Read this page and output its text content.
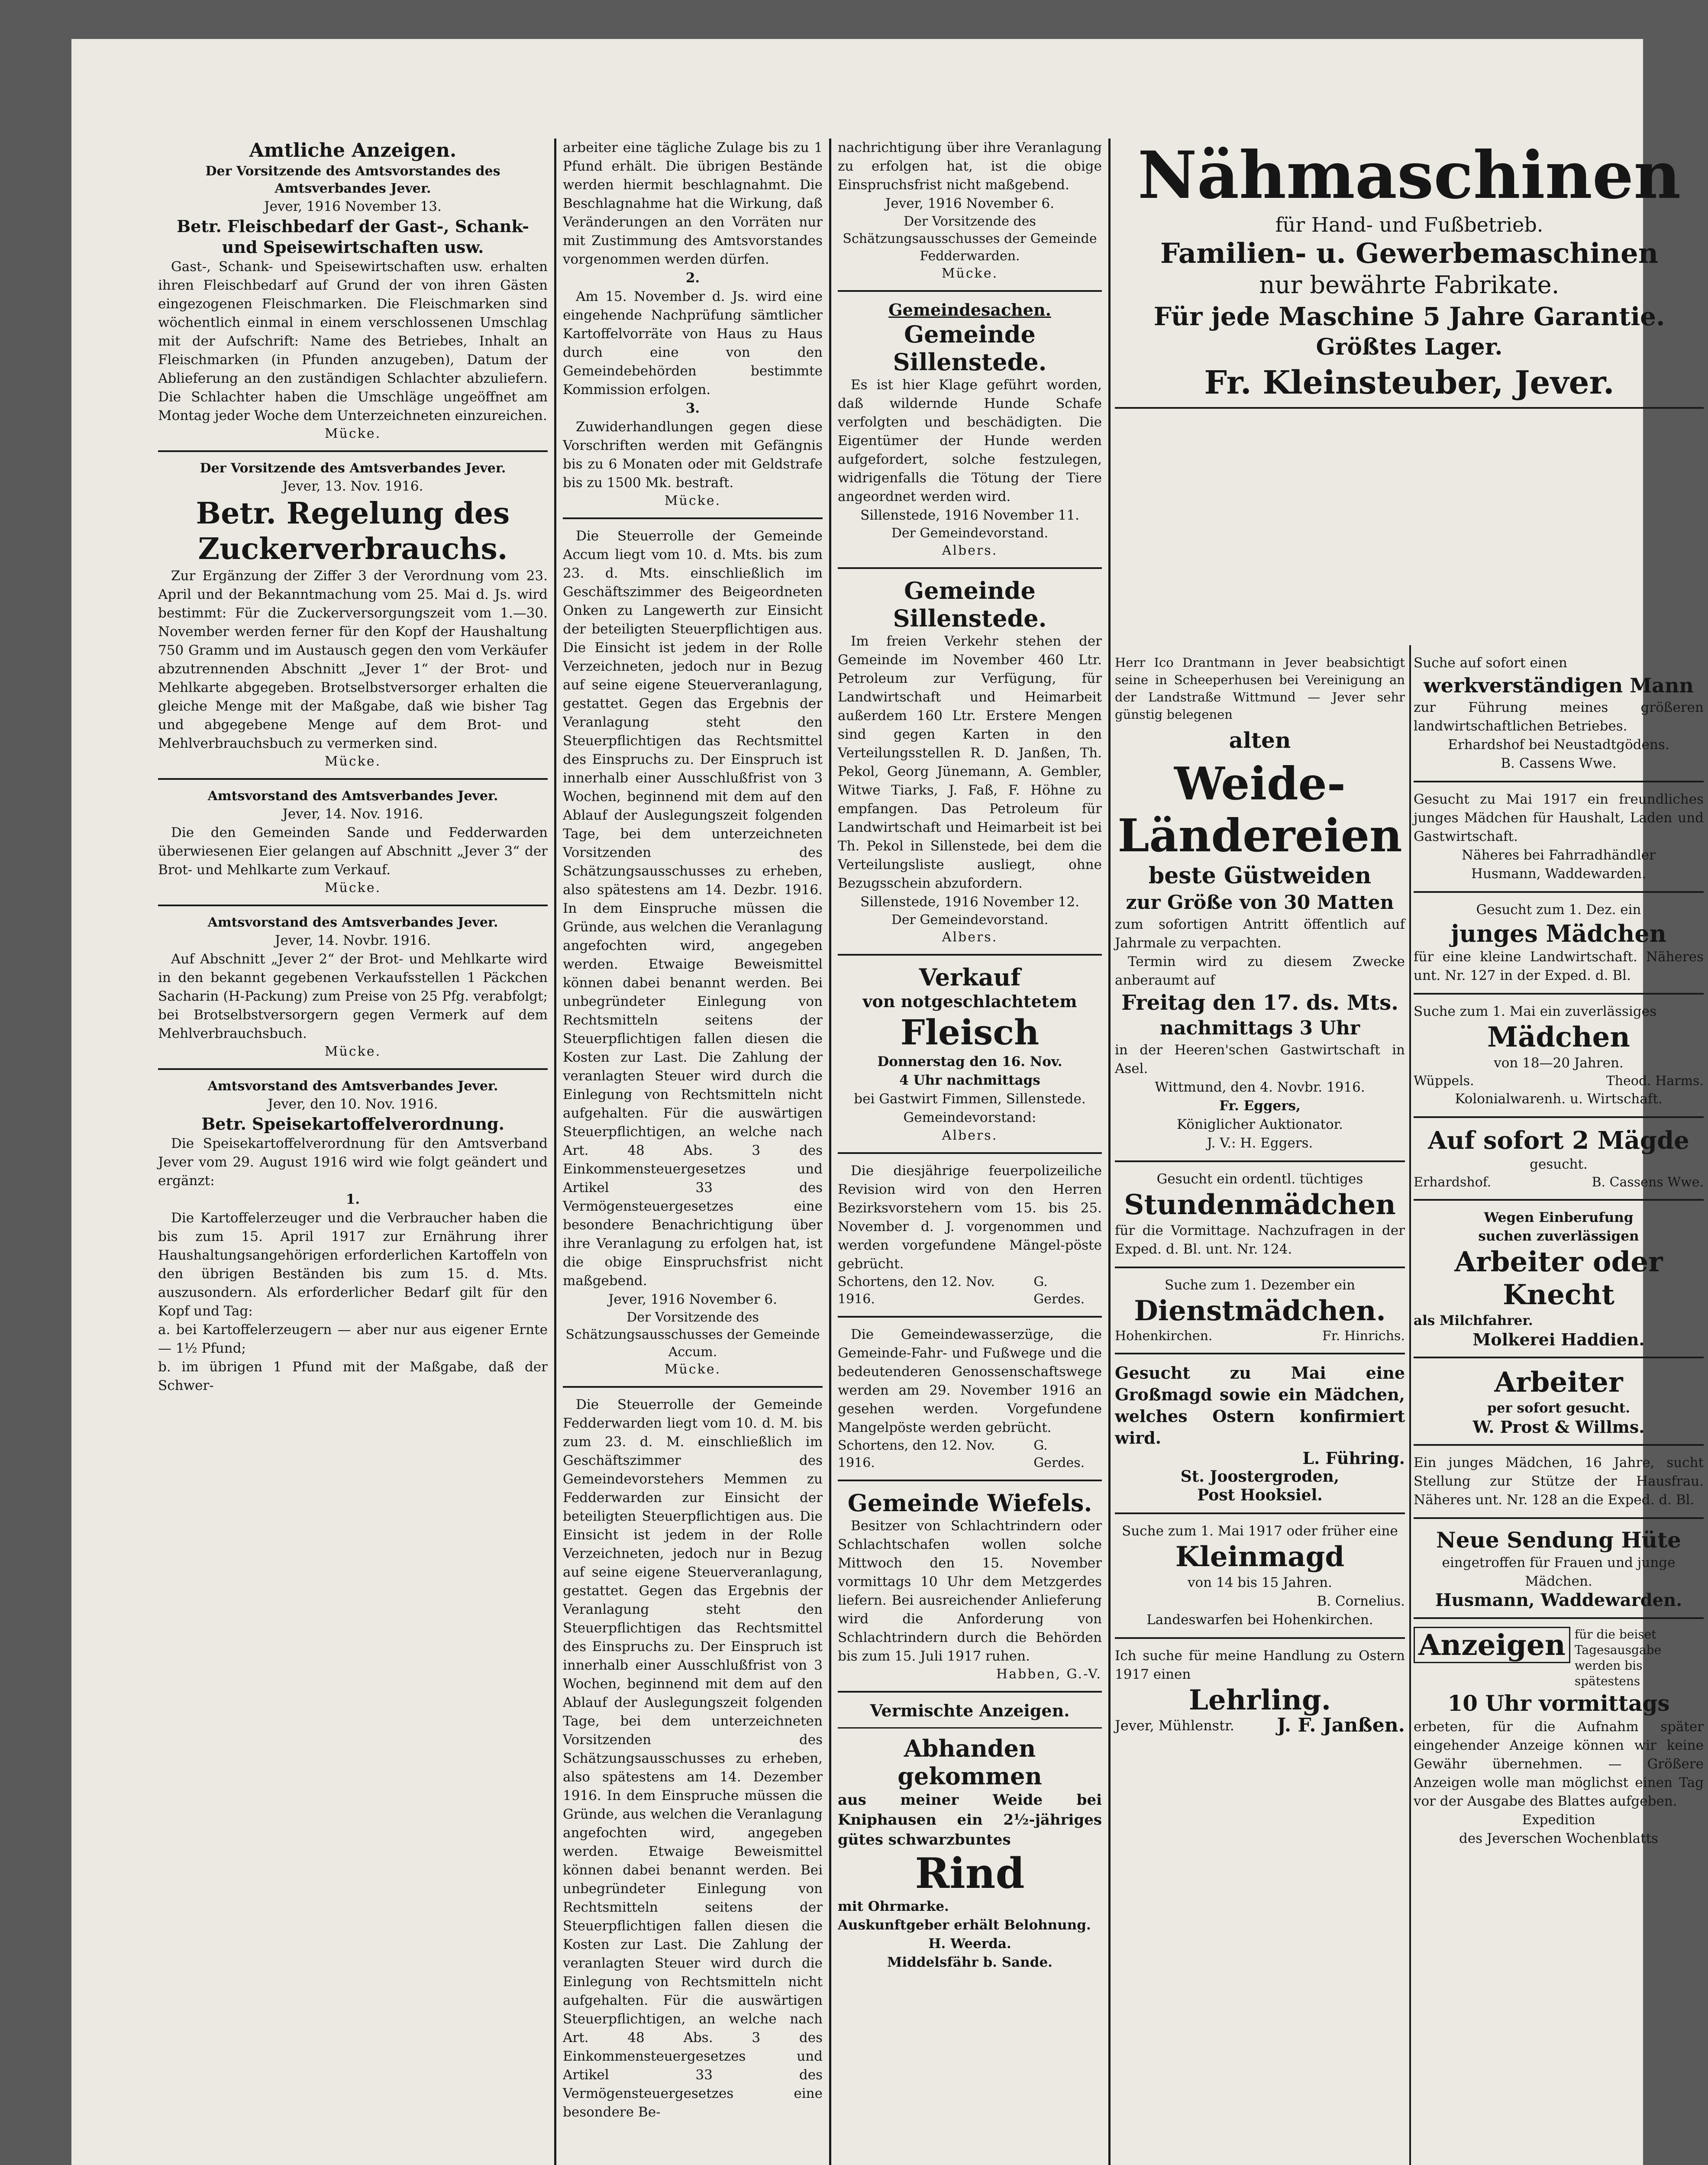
Amtliche Anzeigen.
Der Vorsitzende des Amtsvorstandes des Amtsverbandes Jever.
Jever, 1916 November 13.
Betr. Fleischbedarf der Gast-, Schank- und Speisewirtschaften usw.

Gast-, Schank- und Speisewirtschaften usw. erhalten ihren Fleischbedarf auf Grund der von ihren Gästen eingezogenen Fleischmarken. Die Fleischmarken sind wöchentlich einmal in einem verschlossenen Umschlag mit der Aufschrift: Name des Betriebes, Inhalt an Fleischmarken (in Pfunden anzugeben), Datum der Ablieferung an den zuständigen Schlachter abzuliefern. Die Schlachter haben die Umschläge ungeöffnet am Montag jeder Woche dem Unterzeichneten einzureichen.

Mücke.
Der Vorsitzende des Amtsverbandes Jever.
Jever, 13. Nov. 1916.
Betr. Regelung des Zuckerverbrauchs.

Zur Ergänzung der Ziffer 3 der Verordnung vom 23. April und der Bekanntmachung vom 25. Mai d. Js. wird bestimmt: Für die Zuckerversorgungszeit vom 1.—30. November werden ferner für den Kopf der Haushaltung 750 Gramm und im Austausch gegen den vom Verkäufer abzutrennenden Abschnitt „Jever 1“ der Brot- und Mehlkarte abgegeben. Brotselbstversorger erhalten die gleiche Menge mit der Maßgabe, daß wie bisher Tag und abgegebene Menge auf dem Brot- und Mehlverbrauchsbuch zu vermerken sind.

Mücke.
Amtsvorstand des Amtsverbandes Jever.
Jever, 14. Nov. 1916.

Die den Gemeinden Sande und Fedderwarden überwiesenen Eier gelangen auf Abschnitt „Jever 3“ der Brot- und Mehlkarte zum Verkauf.

Mücke.
Amtsvorstand des Amtsverbandes Jever.
Jever, 14. Novbr. 1916.

Auf Abschnitt „Jever 2“ der Brot- und Mehlkarte wird in den bekannt gegebenen Verkaufsstellen 1 Päckchen Sacharin (H-Packung) zum Preise von 25 Pfg. verabfolgt; bei Brotselbstversorgern gegen Vermerk auf dem Mehlverbrauchsbuch.

Mücke.
Amtsvorstand des Amtsverbandes Jever.
Jever, den 10. Nov. 1916.
Betr. Speisekartoffelverordnung.

Die Speisekartoffelverordnung für den Amtsverband Jever vom 29. August 1916 wird wie folgt geändert und ergänzt:

1.

Die Kartoffelerzeuger und die Verbraucher haben die bis zum 15. April 1917 zur Ernährung ihrer Haushaltungsangehörigen erforderlichen Kartoffeln von den übrigen Beständen bis zum 15. d. Mts. auszusondern. Als erforderlicher Bedarf gilt für den Kopf und Tag:

a. bei Kartoffelerzeugern — aber nur aus eigener Ernte — 1½ Pfund;
b. im übrigen 1 Pfund mit der Maßgabe, daß der Schwer-

arbeiter eine tägliche Zulage bis zu 1 Pfund erhält. Die übrigen Bestände werden hiermit beschlagnahmt. Die Beschlagnahme hat die Wirkung, daß Veränderungen an den Vorräten nur mit Zustimmung des Amtsvorstandes vorgenommen werden dürfen.

2.

Am 15. November d. Js. wird eine eingehende Nachprüfung sämtlicher Kartoffelvorräte von Haus zu Haus durch eine von den Gemeindebehörden bestimmte Kommission erfolgen.

3.

Zuwiderhandlungen gegen diese Vorschriften werden mit Gefängnis bis zu 6 Monaten oder mit Geldstrafe bis zu 1500 Mk. bestraft.

Mücke.

Die Steuerrolle der Gemeinde Accum liegt vom 10. d. Mts. bis zum 23. d. Mts. einschließlich im Geschäftszimmer des Beigeordneten Onken zu Langewerth zur Einsicht der beteiligten Steuerpflichtigen aus. Die Einsicht ist jedem in der Rolle Verzeichneten, jedoch nur in Bezug auf seine eigene Steuerveranlagung, gestattet. Gegen das Ergebnis der Veranlagung steht den Steuerpflichtigen das Rechtsmittel des Einspruchs zu. Der Einspruch ist innerhalb einer Ausschlußfrist von 3 Wochen, beginnend mit dem auf den Ablauf der Auslegungszeit folgenden Tage, bei dem unterzeichneten Vorsitzenden des Schätzungsausschusses zu erheben, also spätestens am 14. Dezbr. 1916. In dem Einspruche müssen die Gründe, aus welchen die Veranlagung angefochten wird, angegeben werden. Etwaige Beweismittel können dabei benannt werden. Bei unbegründeter Einlegung von Rechtsmitteln seitens der Steuerpflichtigen fallen diesen die Kosten zur Last. Die Zahlung der veranlagten Steuer wird durch die Einlegung von Rechtsmitteln nicht aufgehalten. Für die auswärtigen Steuerpflichtigen, an welche nach Art. 48 Abs. 3 des Einkommensteuergesetzes und Artikel 33 des Vermögensteuergesetzes eine besondere Benachrichtigung über ihre Veranlagung zu erfolgen hat, ist die obige Einspruchsfrist nicht maßgebend.

Jever, 1916 November 6.
Der Vorsitzende des Schätzungsausschusses der Gemeinde Accum.
Mücke.

Die Steuerrolle der Gemeinde Fedderwarden liegt vom 10. d. M. bis zum 23. d. M. einschließlich im Geschäftszimmer des Gemeindevorstehers Memmen zu Fedderwarden zur Einsicht der beteiligten Steuerpflichtigen aus. Die Einsicht ist jedem in der Rolle Verzeichneten, jedoch nur in Bezug auf seine eigene Steuerveranlagung, gestattet. Gegen das Ergebnis der Veranlagung steht den Steuerpflichtigen das Rechtsmittel des Einspruchs zu. Der Einspruch ist innerhalb einer Ausschlußfrist von 3 Wochen, beginnend mit dem auf den Ablauf der Auslegungszeit folgenden Tage, bei dem unterzeichneten Vorsitzenden des Schätzungsausschusses zu erheben, also spätestens am 14. Dezember 1916. In dem Einspruche müssen die Gründe, aus welchen die Veranlagung angefochten wird, angegeben werden. Etwaige Beweismittel können dabei benannt werden. Bei unbegründeter Einlegung von Rechtsmitteln seitens der Steuerpflichtigen fallen diesen die Kosten zur Last. Die Zahlung der veranlagten Steuer wird durch die Einlegung von Rechtsmitteln nicht aufgehalten. Für die auswärtigen Steuerpflichtigen, an welche nach Art. 48 Abs. 3 des Einkommensteuergesetzes und Artikel 33 des Vermögensteuergesetzes eine besondere Be-

nachrichtigung über ihre Veranlagung zu erfolgen hat, ist die obige Einspruchsfrist nicht maßgebend.

Jever, 1916 November 6.
Der Vorsitzende des Schätzungsausschusses der Gemeinde Fedderwarden.
Mücke.
Gemeindesachen.
Gemeinde Sillenstede.

Es ist hier Klage geführt worden, daß wildernde Hunde Schafe verfolgten und beschädigten. Die Eigentümer der Hunde werden aufgefordert, solche festzulegen, widrigenfalls die Tötung der Tiere angeordnet werden wird.

Sillenstede, 1916 November 11.
Der Gemeindevorstand.
Albers.
Gemeinde Sillenstede.

Im freien Verkehr stehen der Gemeinde im November 460 Ltr. Petroleum zur Verfügung, für Landwirtschaft und Heimarbeit außerdem 160 Ltr. Erstere Mengen sind gegen Karten in den Verteilungsstellen R. D. Janßen, Th. Pekol, Georg Jünemann, A. Gembler, Witwe Tiarks, J. Faß, F. Höhne zu empfangen. Das Petroleum für Landwirtschaft und Heimarbeit ist bei Th. Pekol in Sillenstede, bei dem die Verteilungsliste ausliegt, ohne Bezugsschein abzufordern.

Sillenstede, 1916 November 12.
Der Gemeindevorstand.
Albers.
Verkauf
von notgeschlachtetem
Fleisch
Donnerstag den 16. Nov.
4 Uhr nachmittags
bei Gastwirt Fimmen, Sillenstede.
Gemeindevorstand:
Albers.

Die diesjährige feuerpolizeiliche Revision wird von den Herren Bezirksvorstehern vom 15. bis 25. November d. J. vorgenommen und werden vorgefundene Mängel-pöste gebrücht.

Schortens, den 12. Nov. 1916.
G. Gerdes.

Die Gemeindewasserzüge, die Gemeinde-Fahr- und Fußwege und die bedeutenderen Genossenschaftswege werden am 29. November 1916 an gesehen werden. Vorgefundene Mangelpöste werden gebrücht.

Schortens, den 12. Nov. 1916.
G. Gerdes.
Gemeinde Wiefels.

Besitzer von Schlachtrindern oder Schlachtschafen wollen solche Mittwoch den 15. November vormittags 10 Uhr dem Metzgerdes liefern. Bei ausreichender Anlieferung wird die Anforderung von Schlachtrindern durch die Behörden bis zum 15. Juli 1917 ruhen.

Habben, G.-V.
Vermischte Anzeigen.
Abhanden gekommen
aus meiner Weide bei Kniphausen ein 2½-jähriges gütes schwarzbuntes
Rind
mit Ohrmarke.
Auskunftgeber erhält Belohnung.
H. Weerda.
Middelsfähr b. Sande.
Nähmaschinen
für Hand- und Fußbetrieb.
Familien- u. Gewerbemaschinen
nur bewährte Fabrikate.
Für jede Maschine 5 Jahre Garantie.
Größtes Lager.
Fr. Kleinsteuber, Jever.
Herr Ico Drantmann in Jever beabsichtigt seine in Scheeperhusen bei Vereinigung an der Landstraße Wittmund — Jever sehr günstig belegenen
alten
Weide-
Ländereien
beste Güstweiden
zur Größe von 30 Matten
zum sofortigen Antritt öffentlich auf Jahrmale zu verpachten.
Termin wird zu diesem Zwecke anberaumt auf
Freitag den 17. ds. Mts.
nachmittags 3 Uhr
in der Heeren'schen Gastwirtschaft in Asel.
Wittmund, den 4. Novbr. 1916.
Fr. Eggers,
Königlicher Auktionator.
J. V.: H. Eggers.
Gesucht ein ordentl. tüchtiges
Stundenmädchen
für die Vormittage. Nachzufragen in der Exped. d. Bl. unt. Nr. 124.
Suche zum 1. Dezember ein
Dienstmädchen.
Hohenkirchen.	Fr. Hinrichs.
Gesucht zu Mai eine Großmagd sowie ein Mädchen, welches Ostern konfirmiert wird.
L. Führing.
St. Joostergroden,
Post Hooksiel.
Suche zum 1. Mai 1917 oder früher eine
Kleinmagd
von 14 bis 15 Jahren.
B. Cornelius.
Landeswarfen bei Hohenkirchen.
Ich suche für meine Handlung zu Ostern 1917 einen
Lehrling.
Jever, Mühlenstr. J. F. Janßen.
Suche auf sofort einen
werkverständigen Mann
zur Führung meines größeren landwirtschaftlichen Betriebes.
Erhardshof bei Neustadtgödens.
B. Cassens Wwe.
Gesucht zu Mai 1917 ein freundliches junges Mädchen für Haushalt, Laden und Gastwirtschaft.
Näheres bei Fahrradhändler
Husmann, Waddewarden.
Gesucht zum 1. Dez. ein
junges Mädchen
für eine kleine Landwirtschaft. Näheres unt. Nr. 127 in der Exped. d. Bl.
Suche zum 1. Mai ein zuverlässiges
Mädchen
von 18—20 Jahren.
Wüppels.	Theod. Harms.
Kolonialwarenh. u. Wirtschaft.
Auf sofort 2 Mägde
gesucht.
Erhardshof.	B. Cassens Wwe.
Wegen Einberufung
suchen zuverlässigen
Arbeiter oder
Knecht
als Milchfahrer.
Molkerei Haddien.
Arbeiter
per sofort gesucht.
W. Prost & Willms.
Ein junges Mädchen, 16 Jahre, sucht Stellung zur Stütze der Hausfrau. Näheres unt. Nr. 128 an die Exped. d. Bl.
Neue Sendung Hüte
eingetroffen für Frauen und junge Mädchen.
Husmann, Waddewarden.
Anzeigen für die beiset Tagesausgabe werden bis spätestens
10 Uhr vormittags
erbeten, für die Aufnahm später eingehender Anzeige können wir keine Gewähr übernehmen. — Größere Anzeigen wolle man möglichst einen Tag vor der Ausgabe des Blattes aufgeben.
Expedition
des Jeverschen Wochenblatts
